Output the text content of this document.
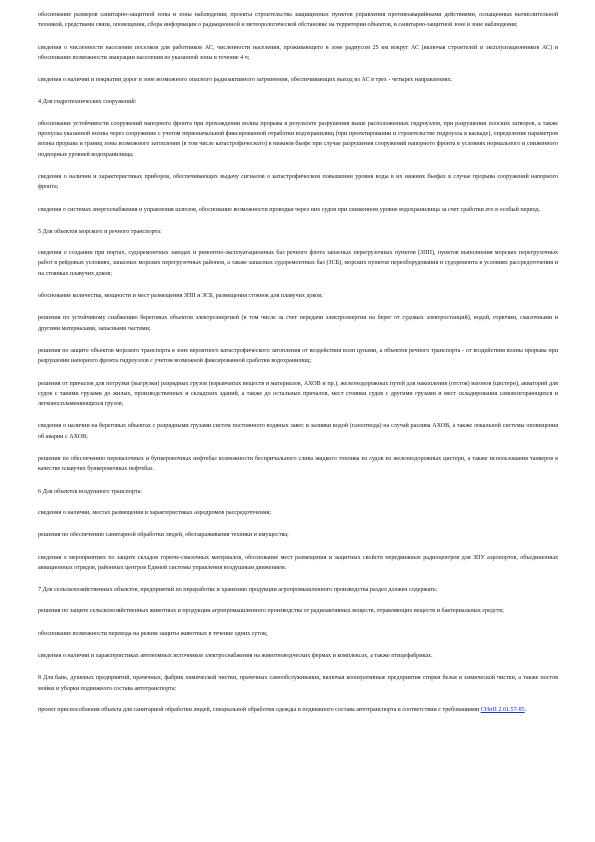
обоснование размеров санитарно-защитной зоны и зоны наблюдения; проекты строительства защищенных пунктов управления противоаварийными действиями, оснащенных вычислительной техникой, средствами связи, оповещения, сбора информации о радиационной и метеорологической обстановке на территории объектов, в санитарно-защитной зоне и зоне наблюдения;

сведения о численности населения поселков для работников АС, численности населения, проживающего в зоне радиусом 25 км вокруг АС (включая строителей и эксплуатационников АС) и обоснование возможности эвакуации населения из указанной зоны в течение 4 ч;

сведения о наличии и покрытии дорог в зоне возможного опасного радиоактивного загрязнения, обеспечивающих выход из АС в трех - четырех направлениях.

4 Для гидротехнических сооружений:

обоснование устойчивости сооружений напорного фронта при прохождении волны прорыва в результате разрушения выше расположенных гидроузлов, при разрушении плоских затворов, а также пропуска указанной волны через сооружение с учетом первоначальной фиксированной отработки водохранилищ (при проектировании и строительстве гидроузла в каскаде), определение параметров волны прорыва и границ зоны возможного затопления (в том числе катастрофического) в нижнем бьефе при случае разрушения сооружений напорного фронта в условиях нормального и сниженного подпорных уровней водохранилища;

сведения о наличии и характеристиках приборов, обеспечивающих выдачу сигналов о катастрофическом повышении уровня воды в их нижних бьефах в случае прорыва сооружений напорного фронта;

сведения о системах энергоснабжения и управления шлюзов, обоснование возможности проводки через них судов при сниженном уровне водохранилища за счет сработки его в особый период.

5 Для объектов морского и речного транспорта:

сведения о создании при портах, судоремонтных заводах и ремонтно-эксплуатационных баз речного флота запасных перегрузочных пунктов (ЗПП), пунктов выполнения морских перегрузочных работ в рейдовых условиях, запасных морских перегрузочных районов, а также запасных судоремонтных баз (ЗСБ), морских пунктов переоборудования и судоремонта в условиях рассредоточения и на стоянках плавучих доков;

обоснование количества, мощности и мест размещения ЗПП и ЗСБ, размещения стоянок для плавучих доков;

решения по устойчивому снабжению береговых объектов электроэнергией (в том числе за счет передачи электроэнергии на берег от судовых электростанций), водой, горючим, смазочными и другими материалами, запасными частями;

решения по защите объектов морского транспорта в зоне вероятного катастрофического затопления от воздействия волн цунами, а объектов речного транспорта - от воздействия волны прорыва при разрушении напорного фронта гидроузлов с учетом возможной фиксированной сработки водохранилищ;

решения от причалов для погрузки (выгрузки) разрядных грузов (взрывчатых веществ и материалов, АХОВ и пр.), железнодорожных путей для накопления (отстоя) вагонов (цистерн), акваторий для судов с такими грузами до жилых, производственных и складских зданий, а также до остальных причалов, мест стоянки судов с другими грузами и мест складирования самовозгорающихся и легковоспламеняющихся грузов;

сведения о наличии на береговых объектах с разрядными грузами систем постоянного водяных завес и заливки водой (газоотвода) на случай разлива АХОВ, а также локальной системы оповещения об аварии с АХОВ;

решения по обеспечению перевалочных и бункеровочных нефтебаз возможности беспричального слива жидкого топлива из судов из железнодорожных цистерн, а также использования танкеров в качестве плавучих бункеровочных нефтебаз.

6 Для объектов воздушного транспорта:

сведения о наличии, местах размещения и характеристиках аэродромов рассредоточения;

решения по обеспечению санитарной обработки людей, обеззараживания техники и имущества;

сведения о мероприятиях по защите складов горюче-смазочных материалов, обоснование мест размещения и защитных свойств передвижных радиоцентров для ЗПУ аэропортов, объединенных авиационных отрядов, районных центров Единой системы управления воздушным движением.

7 Для сельскохозяйственных объектов, предприятий по переработке и хранению продукции агропромышленного производства раздел должен содержать:

решения по защите сельскохозяйственных животных и продукции агропромышленного производства от радиоактивных веществ, отравляющих веществ и бактериальных средств;

обоснование возможности перевода на режим защиты животных в течение одних суток;

сведения о наличии и характеристиках автономных источников электроснабжения на животноводческих фермах и комплексах, а также птицефабриках.

8 Для бань, душевых предприятий, прачечных, фабрик химической чистки, прачечных самообслуживания, включая кооперативные предприятия стирки белья и химической чистки, а также постов мойки и уборки подвижного состава автотранспорта:

проект приспособления объекта для санитарной обработки людей, специальной обработки одежды и подвижного состава автотранспорта в соответствии с требованиями СНиП 2.01.57-85.
